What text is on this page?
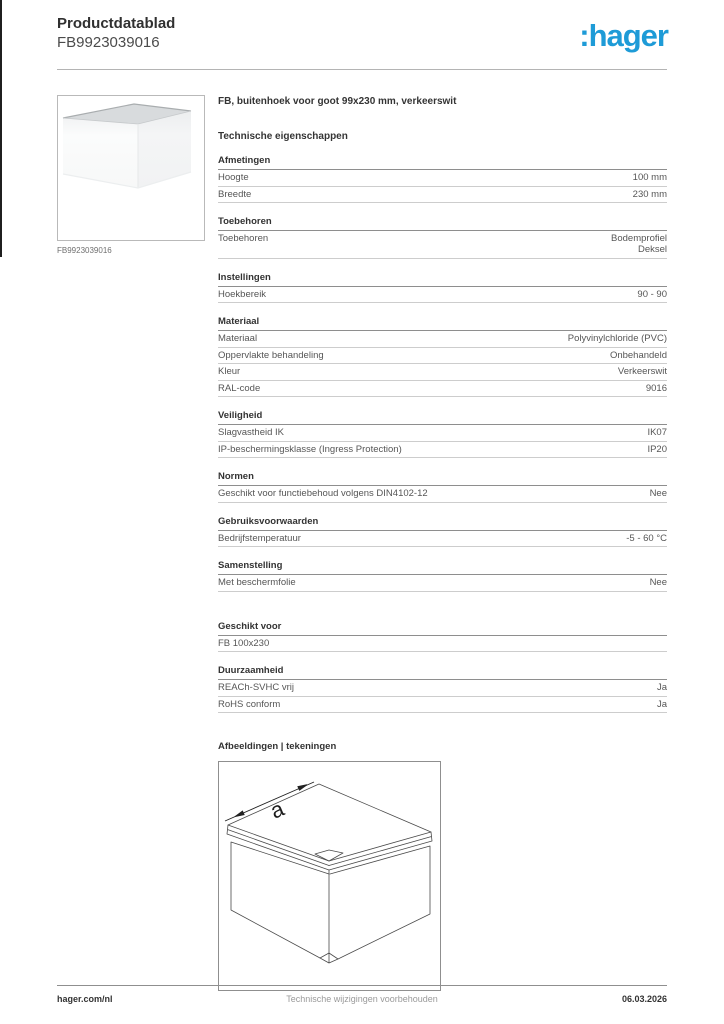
Productdatablad
FB9923039016	:hager
FB9923039016
FB, buitenhoek voor goot 99x230 mm, verkeerswit
Technische eigenschappen
Afmetingen
Hoogte	100 mm
Breedte	230 mm
Toebehoren
Toebehoren	Bodemprofiel
Deksel
Instellingen
Hoekbereik	90 - 90
Materiaal
Materiaal	Polyvinylchloride (PVC)
Oppervlakte behandeling	Onbehandeld
Kleur	Verkeerswit
RAL-code	9016
Veiligheid
Slagvastheid IK	IK07
IP-beschermingsklasse (Ingress Protection)	IP20
Normen
Geschikt voor functiebehoud volgens DIN4102-12	Nee
Gebruiksvoorwaarden
Bedrijfstemperatuur	-5 - 60 °C
Samenstelling
Met beschermfolie	Nee
Geschikt voor
FB 100x230
Duurzaamheid
REACh-SVHC vrij	Ja
RoHS conform	Ja
Afbeeldingen | tekeningen
a
Technische wijzigingen voorbehouden
hager.com/nl	06.03.2026
